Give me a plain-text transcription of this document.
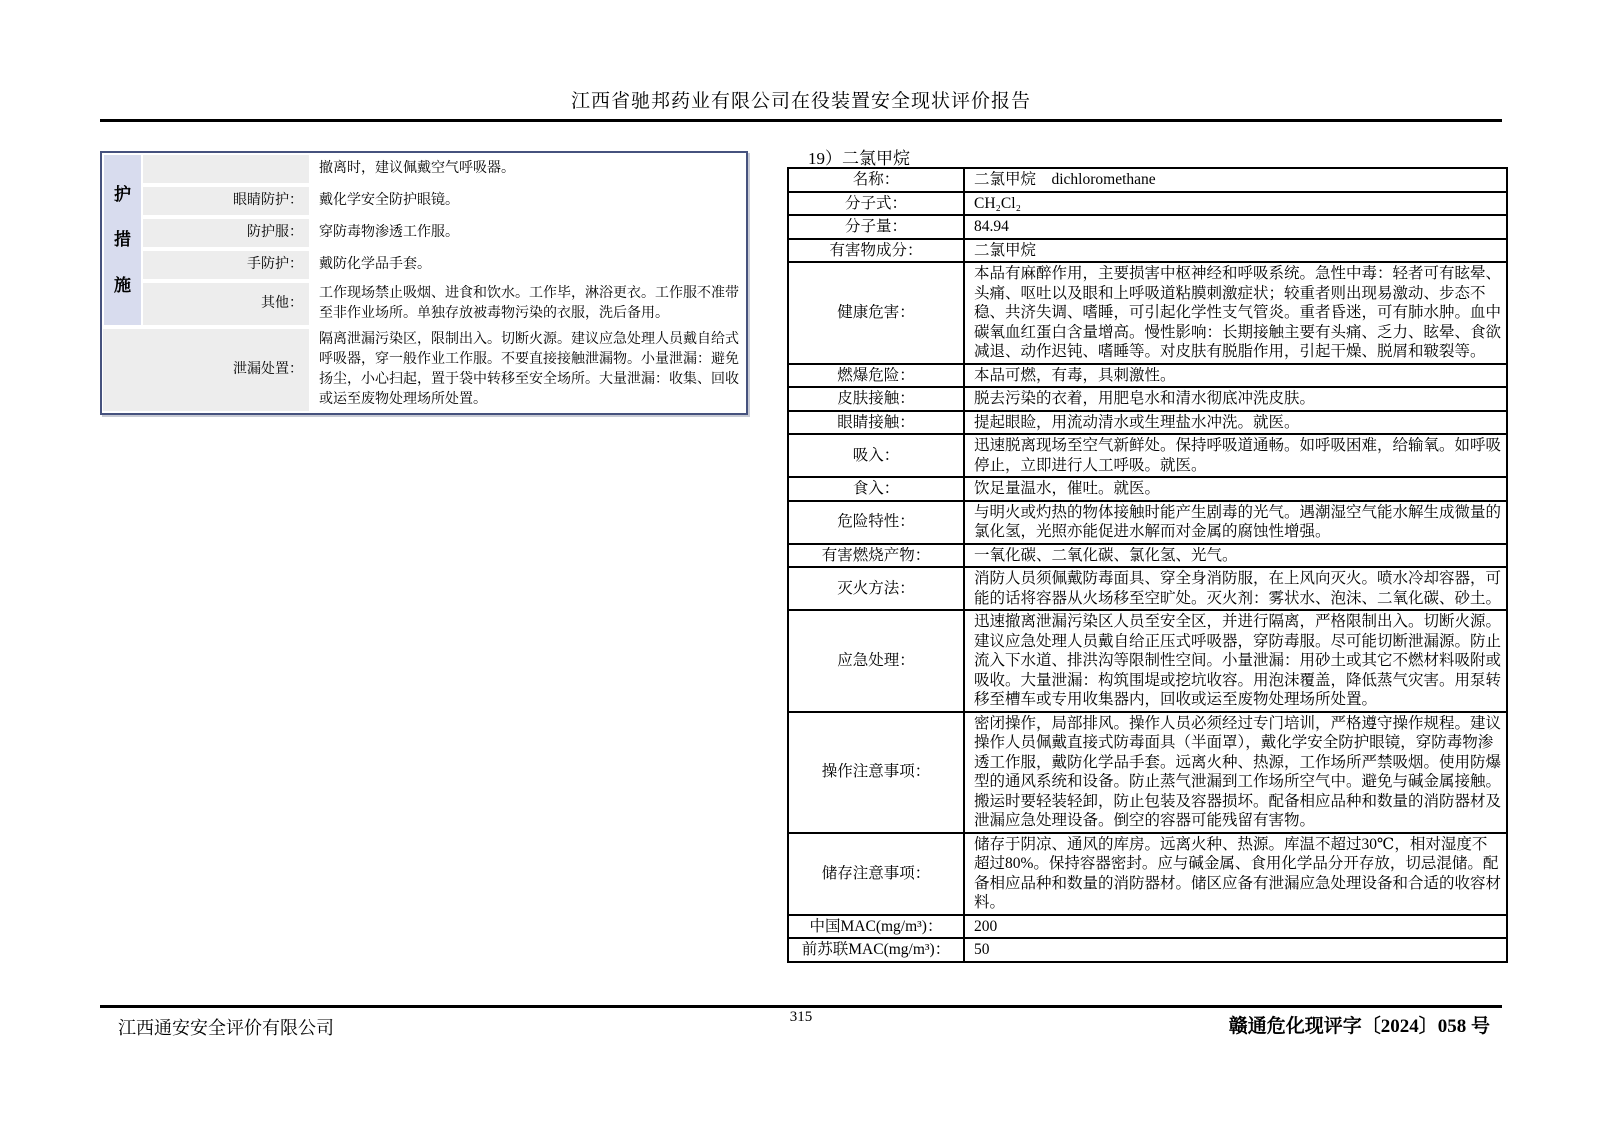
江西省驰邦药业有限公司在役装置安全现状评价报告
护
措
施
撤离时，建议佩戴空气呼吸器。
眼睛防护：	戴化学安全防护眼镜。
防护服：	穿防毒物渗透工作服。
手防护：	戴防化学品手套。
其他：
工作现场禁止吸烟、进食和饮水。工作毕，淋浴更衣。工作服不准带至非作业场所。单独存放被毒物污染的衣服，洗后备用。
泄漏处置：
隔离泄漏污染区，限制出入。切断火源。建议应急处理人员戴自给式呼吸器，穿一般作业工作服。不要直接接触泄漏物。小量泄漏：避免扬尘，小心扫起，置于袋中转移至安全场所。大量泄漏：收集、回收或运至废物处理场所处置。
19）二氯甲烷
名称：	二氯甲烷　dichloromethane
分子式：	CH₂Cl₂
分子量：	84.94
有害物成分：	二氯甲烷
健康危害：	本品有麻醉作用，主要损害中枢神经和呼吸系统。急性中毒：轻者可有眩晕、头痛、呕吐以及眼和上呼吸道粘膜刺激症状；较重者则出现易激动、步态不稳、共济失调、嗜睡，可引起化学性支气管炎。重者昏迷，可有肺水肿。血中碳氧血红蛋白含量增高。慢性影响：长期接触主要有头痛、乏力、眩晕、食欲减退、动作迟钝、嗜睡等。对皮肤有脱脂作用，引起干燥、脱屑和皲裂等。
燃爆危险：	本品可燃，有毒，具刺激性。
皮肤接触：	脱去污染的衣着，用肥皂水和清水彻底冲洗皮肤。
眼睛接触：	提起眼睑，用流动清水或生理盐水冲洗。就医。
吸入：	迅速脱离现场至空气新鲜处。保持呼吸道通畅。如呼吸困难，给输氧。如呼吸停止，立即进行人工呼吸。就医。
食入：	饮足量温水，催吐。就医。
危险特性：	与明火或灼热的物体接触时能产生剧毒的光气。遇潮湿空气能水解生成微量的氯化氢，光照亦能促进水解而对金属的腐蚀性增强。
有害燃烧产物：	一氧化碳、二氧化碳、氯化氢、光气。
灭火方法：	消防人员须佩戴防毒面具、穿全身消防服，在上风向灭火。喷水冷却容器，可能的话将容器从火场移至空旷处。灭火剂：雾状水、泡沫、二氧化碳、砂土。
应急处理：	迅速撤离泄漏污染区人员至安全区，并进行隔离，严格限制出入。切断火源。建议应急处理人员戴自给正压式呼吸器，穿防毒服。尽可能切断泄漏源。防止流入下水道、排洪沟等限制性空间。小量泄漏：用砂土或其它不燃材料吸附或吸收。大量泄漏：构筑围堤或挖坑收容。用泡沫覆盖，降低蒸气灾害。用泵转移至槽车或专用收集器内，回收或运至废物处理场所处置。
操作注意事项：	密闭操作，局部排风。操作人员必须经过专门培训，严格遵守操作规程。建议操作人员佩戴直接式防毒面具（半面罩），戴化学安全防护眼镜，穿防毒物渗透工作服，戴防化学品手套。远离火种、热源，工作场所严禁吸烟。使用防爆型的通风系统和设备。防止蒸气泄漏到工作场所空气中。避免与碱金属接触。搬运时要轻装轻卸，防止包装及容器损坏。配备相应品种和数量的消防器材及泄漏应急处理设备。倒空的容器可能残留有害物。
储存注意事项：	储存于阴凉、通风的库房。远离火种、热源。库温不超过30℃，相对湿度不超过80%。保持容器密封。应与碱金属、食用化学品分开存放，切忌混储。配备相应品种和数量的消防器材。储区应备有泄漏应急处理设备和合适的收容材料。
中国MAC(mg/m³)：	200
前苏联MAC(mg/m³)：	50
315
江西通安安全评价有限公司	赣通危化现评字〔2024〕058 号
